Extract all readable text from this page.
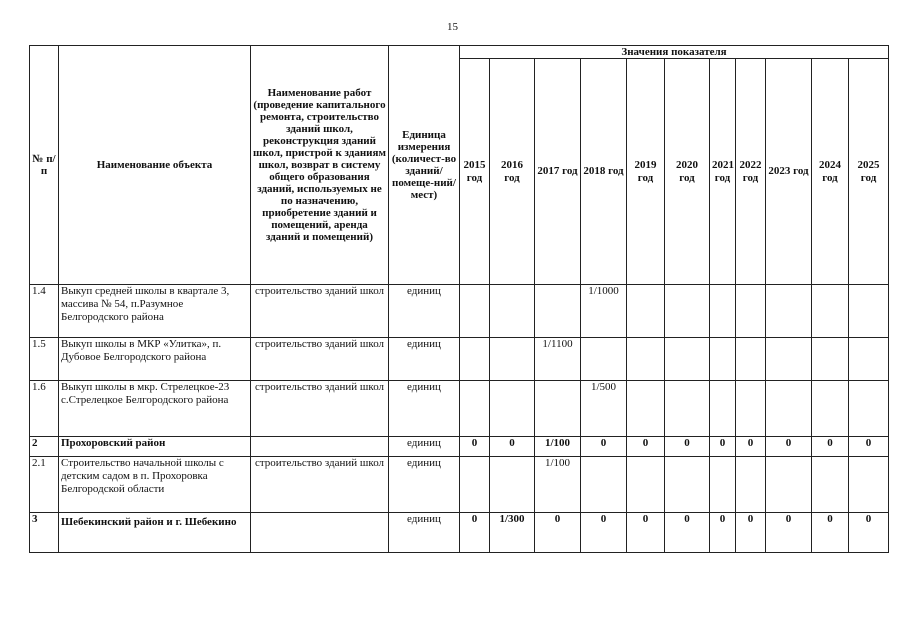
15
№ п/п	Наименование объекта	Наименование работ (проведение капитального ремонта, строительство зданий школ, реконструкция зданий школ, пристрой к зданиям школ, возврат в систему общего образования зданий, используемых не по назначению, приобретение зданий и помещений, аренда зданий и помещений)	Единица измерения (количест-во зданий/ помеще-ний/ мест)	Значения показателя										
				2015 год	2016 год	2017 год	2018 год	2019 год	2020 год	2021 год	2022 год	2023 год	2024 год	2025 год
1.4	Выкуп средней школы в квартале 3, массива № 54, п.Разумное Белгородского района	строительство зданий школ	единиц				1/1000							
1.5	Выкуп школы в МКР «Улитка», п. Дубовое Белгородского района	строительство зданий школ	единиц			1/1100								
1.6	Выкуп школы в мкр. Стрелецкое-23 с.Стрелецкое Белгородского района	строительство зданий школ	единиц				1/500							
2	Прохоровский район		единиц	0	0	1/100	0	0	0	0	0	0	0	0
2.1	Строительство начальной школы с детским садом в п. Прохоровка Белгородской области	строительство зданий школ	единиц			1/100								
3	Шебекинский район и г. Шебекино		единиц	0	1/300	0	0	0	0	0	0	0	0	0
